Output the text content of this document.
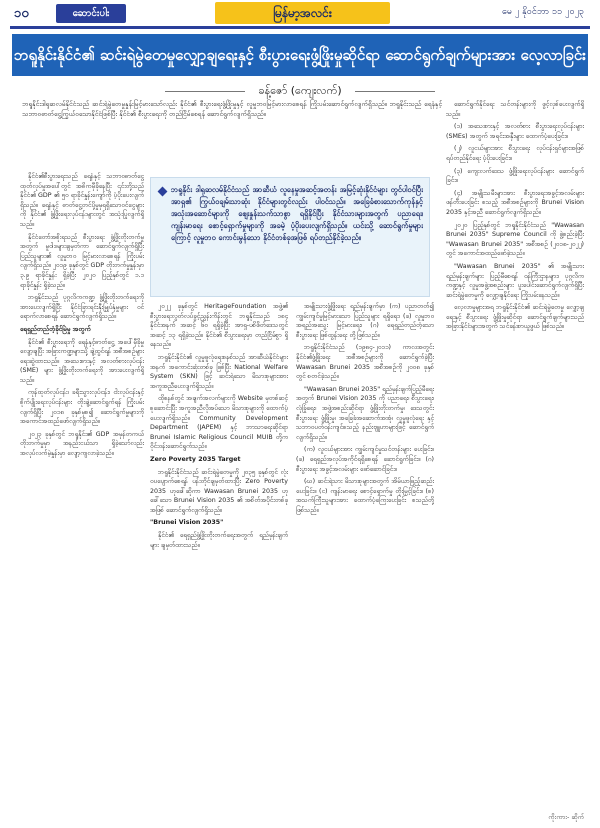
၁၀	ဆောင်းပါး	မြန်မာ့အလင်း	မေ ၂ နိုဝင်ဘာ ၁၁ ၂၀၂၃
ဘရူနိုင်းနိုင်ငံ၏ ဆင်းရဲမွဲတေမှုလျှော့ချရေးနှင့် စီးပွားရေးဖွံ့ဖြိုးမှုဆိုင်ရာ ဆောင်ရွက်ချက်များအား လေ့လာခြင်း
ခန့်ဇော် (ကျေးလက်)
ဘရူနိုင်းဒါရုဆလမ်နိုင်ငံသည် ဆင်းရဲမွဲတေမှုနှုန်းမြင့်မားသော်လည်း နိုင်ငံ၏ စီးပွားရေးဖွံ့ဖြိုးမှုနှင့် လူမှုဘဝမြင့်မားလာစေရန် ကြိုးပမ်းဆောင်ရွက်လျက်ရှိသည်။ ဘရူနိုင်းသည် ရေနံနှင့် သဘာဝဓာတ်ငွေ့ကြွယ်ဝသောနိုင်ငံဖြစ်ပြီး နိုင်ငံ၏ စီးပွားရေးကို တည်ငြိမ်စေရန် ဆောင်ရွက်လျက်ရှိသည်။

နိုင်ငံ၏စီးပွားရေးသည် ရေနံနှင့် သဘာဝဓာတ်ငွေ့ ထုတ်လုပ်မှုအပေါ်တွင် အဓိကမှီခိုနေပြီး ၎င်းတို့သည် နိုင်ငံ၏ GDP ၏ ၅၀ ရာခိုင်နှုန်းကျော်ကို ပံ့ပိုးပေးလျက်ရှိသည်။ ရေနံနှင့် ဓာတ်ငွေ့တင်ပို့မှုမှရရှိသောဝင်ငွေများကို နိုင်ငံ၏ ဖွံ့ဖြိုးရေးလုပ်ငန်းများတွင် အသုံးပြုလျက်ရှိသည်။

နိုင်ငံတော်အစိုးရသည် စီးပွားရေး ဖွံ့ဖြိုးတိုးတက်မှုအတွက် မူဝါဒများချမှတ်ကာ ဆောင်ရွက်လျက်ရှိပြီး ပြည်သူများ၏ လူမှုဘဝ မြင့်မားလာစေရန် ကြိုးပမ်းလျက်ရှိသည်။ ၂၀၁၉ ခုနှစ်တွင် GDP တိုးတက်မှုနှုန်းမှာ ၃.၉ ရာခိုင်နှုန်း ရှိခဲ့ပြီး ၂၀၂၀ ပြည့်နှစ်တွင် ၁.၁ ရာခိုင်နှုန်း ရှိခဲ့သည်။

ဘရူနိုင်းသည် ပုဂ္ဂလိကကဏ္ဍ ဖွံ့ဖြိုးတိုးတက်ရေးကို အားပေးလျက်ရှိပြီး နိုင်ငံခြားရင်းနှီးမြှုပ်နှံမှုများ ဝင်ရောက်လာစေရန် ဆောင်ရွက်လျက်ရှိသည်။

ရေရှည်တည်တံ့ခိုင်မြဲမှု အတွက်

နိုင်ငံ၏ စီးပွားရေးကို ရေနံနှင့်ဓာတ်ငွေ့ အပေါ်မှီခိုမှုလျော့ချပြီး အခြားကဏ္ဍများသို့ ချဲ့ထွင်ရန် အစီအစဉ်များ ရေးဆွဲထားသည်။ အသေးစားနှင့် အလတ်စားလုပ်ငန်း (SME) များ ဖွံ့ဖြိုးတိုးတက်ရေးကို အားပေးလျက်ရှိသည်။

ကုန်ထုတ်လုပ်ငန်း၊ ခရီးသွားလုပ်ငန်း၊ ငါးလုပ်ငန်းနှင့် စိုက်ပျိုးရေးလုပ်ငန်းများ တိုးချဲ့ဆောင်ရွက်ရန် ကြိုးပမ်းလျက်ရှိပြီး ၂၀၁၈ ခုနှစ်မှစ၍ ဆောင်ရွက်မှုများကို အကောင်အထည်ဖော်လျက်ရှိသည်။

၂၀၂၃ ခုနှစ်တွင် ဘရူနိုင်း၏ GDP အမှန်တကယ် တိုးတက်မှုမှာ အနည်းငယ်သာ ရှိခဲ့သော်လည်း အလုပ်လက်မဲ့နှုန်းမှာ လျော့ကျလာခဲ့သည်။

၂၀၂၂ ခုနှစ်တွင် HeritageFoundation အဖွဲ့၏ စီးပွားရေးလွတ်လပ်ခွင့်ညွှန်းကိန်းတွင် ဘရူနိုင်းသည် ၁၈၄ နိုင်ငံအနက် အဆင့် ၆၀ ရရှိခဲ့ပြီး အာရှ-ပစိဖိတ်ဒေသတွင် အဆင့် ၁၃ ရရှိခဲ့သည်။ နိုင်ငံ၏ စီးပွားရေးမှာ တည်ငြိမ်စွာ ရှိနေသည်။

ဘရူနိုင်းနိုင်ငံ၏ လူမှုဖူလုံရေးစနစ်သည် အာဆီယံနိုင်ငံများအနက် အကောင်းဆုံးတစ်ခု ဖြစ်ပြီး National Welfare System (SKN) ဖြင့် ဆင်းရဲသော မိသားစုများအား အကူအညီပေးလျက်ရှိသည်။

ထိုစနစ်တွင် အချက်အလက်များကို Website မှတစ်ဆင့် စုဆောင်းပြီး အကူအညီလိုအပ်သော မိသားစုများကို ထောက်ပံ့ပေးလျက်ရှိသည်။ Community Development Department (JAPEM) နှင့် ဘာသာရေးဆိုင်ရာ Brunei Islamic Religious Council MUIB တို့က ဝိုင်းဝန်းဆောင်ရွက်သည်။

Zero Poverty 2035 Target

ဘရူနိုင်းနိုင်ငံသည် ဆင်းရဲမွဲတေမှုကို ၂၀၃၅ ခုနှစ်တွင် လုံးဝပပျောက်စေရန် ပန်းတိုင်ချမှတ်ထားပြီး Zero Poverty 2035 ဟုခေါ်ဆိုကာ Wawasan Brunei 2035 ဟုခေါ်သော Brunei Vision 2035 ၏ အစိတ်အပိုင်းတစ်ခုအဖြစ် ဆောင်ရွက်လျက်ရှိသည်။

"Brunei Vision 2035"

နိုင်ငံ၏ ရေရှည်ဖွံ့ဖြိုးတိုးတက်ရေးအတွက် ရည်မှန်းချက်များ ချမှတ်ထားသည်။

အမျိုးသားဖွံ့ဖြိုးရေး ရည်မှန်းချက်မှာ (က) ပညာတတ်၍ ကျွမ်းကျင်မှုမြင့်မားသော ပြည်သူများ ရရှိရေး၊ (ခ) လူမှုဘဝ အရည်အသွေး မြင့်မားရေး၊ (ဂ) ရေရှည်တည်တံ့သော စီးပွားရေး ဖြစ်ထွန်းရေး တို့ဖြစ်သည်။

ဘရူနိုင်းနိုင်ငံသည် (၁၉၈၄-၂၀၁၁) ကာလအတွင်း နိုင်ငံ၏ဖွံ့ဖြိုးရေး အစီအစဉ်များကို ဆောင်ရွက်ခဲ့ပြီး Wawasan Brunei 2035 အစီအစဉ်ကို ၂၀၀၈ ခုနှစ်တွင် စတင်ခဲ့သည်။

"Wawasan Brunei 2035" ရည်မှန်းချက်ပြည့်မီရေးအတွက် Brunei Vision 2035 ကို ပညာရေး၊ စီးပွားရေး၊ လုံခြုံရေး၊ အဖွဲ့အစည်းဆိုင်ရာ ဖွံ့ဖြိုးတိုးတက်မှု၊ ဒေသတွင်း စီးပွားရေး ဖွံ့ဖြိုးမှု၊ အခြေခံအဆောက်အအုံ၊ လူမှုဖူလုံရေး နှင့် သဘာဝပတ်ဝန်းကျင်စသည့် နည်းဗျူဟာများဖြင့် ဆောင်ရွက်လျက်ရှိသည်။

(က) လူငယ်များအား ကျွမ်းကျင်မှုသင်တန်းများ ပေးခြင်း။ (ခ) ရေရှည်အလုပ်အကိုင်ရရှိစေရန် ဆောင်ရွက်ခြင်း။ (ဂ) စီးပွားရေး အခွင့်အလမ်းများ ဖော်ဆောင်ခြင်း။

(ဃ) ဆင်းရဲသား မိသားစုများအတွက် အိမ်ယာဖြည့်ဆည်းပေးခြင်း။ (င) ကျန်းမာရေး စောင့်ရှောက်မှု တိုးမြှင့်ခြင်း။ (စ) အသက်ကြီးသူများအား ထောက်ပံ့ကြေးပေးခြင်း စသည်တို့ ဖြစ်သည်။

ဆောင်ရွက်နိုင်ရေး သင်တန်းများကို ဖွင့်လှစ်ပေးလျက်ရှိသည်။

(၁) အသေးစားနှင့် အလတ်စား စီးပွားရေးလုပ်ငန်းများ (SMEs) အတွက် အရင်းအနှီးများ ထောက်ပံ့ပေးခြင်း။

(၂) လူငယ်များအား စီးပွားရေး လုပ်ငန်းရှင်များအဖြစ် ရပ်တည်နိုင်ရေး ပံ့ပိုးပေးခြင်း။

(၃) ကျေးလက်ဒေသ ဖွံ့ဖြိုးရေးလုပ်ငန်းများ ဆောင်ရွက်ခြင်း။

(၄) အမျိုးသမီးများအား စီးပွားရေးအခွင့်အလမ်းများ ဖန်တီးပေးခြင်း စသည့် အစီအစဉ်များကို Brunei Vision 2035 နှင့်အညီ ဆောင်ရွက်လျက်ရှိသည်။

၂၀၂၀ ပြည့်နှစ်တွင် ဘရူနိုင်းနိုင်ငံသည် "Wawasan Brunei 2035" Supreme Council ကို ဖွဲ့စည်းခဲ့ပြီး "Wawasan Brunei 2035" အစီအစဉ် (၂၀၁၈-၂၀၂၂) တွင် အကောင်အထည်ဖော်ခဲ့သည်။

"Wawasan Brunei 2035" ၏ အမျိုးသားရည်မှန်းချက်များ ပြည့်မီစေရန် ဝန်ကြီးဌာနများ၊ ပုဂ္ဂလိကကဏ္ဍနှင့် လူမှုအဖွဲ့အစည်းများ ပူးပေါင်းဆောင်ရွက်လျက်ရှိပြီး ဆင်းရဲမွဲတေမှုကို လျှော့ချနိုင်ရေး ကြိုးပမ်းနေသည်။

လေ့လာမှုများအရ ဘရူနိုင်းနိုင်ငံ၏ ဆင်းရဲမွဲတေမှု လျှော့ချရေးနှင့် စီးပွားရေး ဖွံ့ဖြိုးမှုဆိုင်ရာ ဆောင်ရွက်ချက်များသည် အခြားနိုင်ငံများအတွက် သင်ခန်းစာယူဖွယ် ဖြစ်သည်။

ဘရူနိုင်း ဒါရုဆလမ်နိုင်ငံသည် အာဆီယံ လူနေမှုအဆင့်အတန်း အမြင့်ဆုံးနိုင်ငံများ တွင်ပါဝင်ပြီး အာရှ၏ ကြွယ်ဝချမ်းသာဆုံး နိုင်ငံများတွင်လည်း ပါဝင်သည်။ အခြေခံစားသောက်ကုန်နှင့် အသုံးအဆောင်များကို စျေးနှုန်းသက်သာစွာ ရရှိနိုင်ပြီး နိုင်ငံသားများအတွက် ပညာရေး၊ ကျန်းမာရေး စောင့်ရှောက်မှုများကို အခမဲ့ ပံ့ပိုးပေးလျက်ရှိသည်။ ယင်းသို့ ဆောင်ရွက်မှုများကြောင့် လူမှုဘဝ ကောင်းမွန်သော နိုင်ငံတစ်ခုအဖြစ် ရပ်တည်နိုင်ခဲ့သည်။
ကိုးကား- ဆိုက်
